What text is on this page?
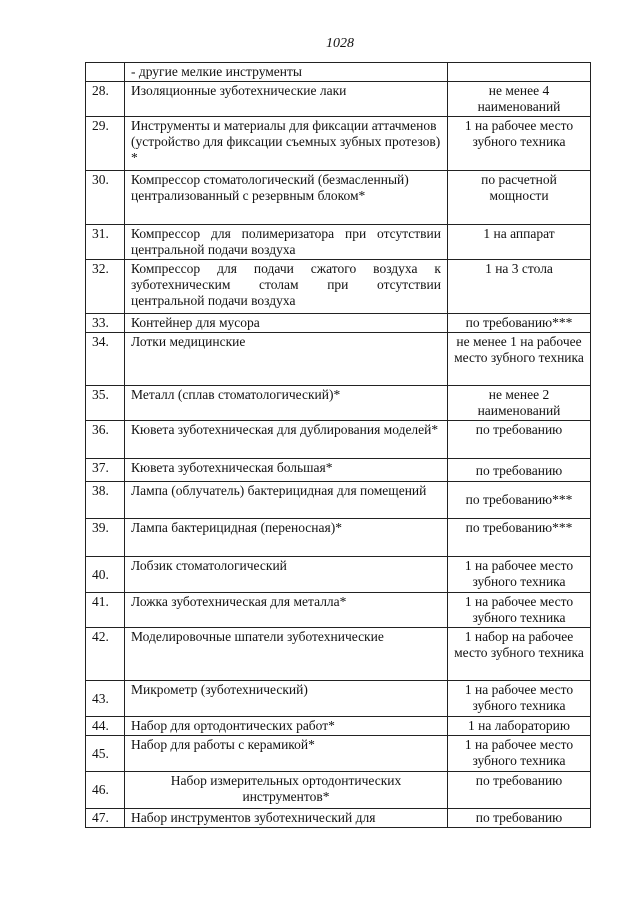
1028
	- другие мелкие инструменты	
28.	Изоляционные зуботехнические лаки	не менее 4 наименований
29.	Инструменты и материалы для фиксации аттачменов (устройство для фиксации съемных зубных протезов) *	1 на рабочее место зубного техника
30.	Компрессор стоматологический (безмасленный) централизованный с резервным блоком*	по расчетной мощности
31.	Компрессор для полимеризатора при отсутствии центральной подачи воздуха	1 на аппарат
32.	Компрессор для подачи сжатого воздуха к зуботехническим столам при отсутствии центральной подачи воздуха	1 на 3 стола
33.	Контейнер для мусора	по требованию***
34.	Лотки медицинские	не менее 1 на рабочее место зубного техника
35.	Металл (сплав стоматологический)*	не менее 2 наименований
36.	Кювета зуботехническая для дублирования моделей*	по требованию
37.	Кювета зуботехническая большая*	по требованию
38.	Лампа (облучатель) бактерицидная для помещений	по требованию***
39.	Лампа бактерицидная (переносная)*	по требованию***
40.	Лобзик стоматологический	1 на рабочее место зубного техника
41.	Ложка зуботехническая для металла*	1 на рабочее место зубного техника
42.	Моделировочные шпатели зуботехнические	1 набор на рабочее место зубного техника
43.	Микрометр (зуботехнический)	1 на рабочее место зубного техника
44.	Набор для ортодонтических работ*	1 на лабораторию
45.	Набор для работы с керамикой*	1 на рабочее место зубного техника
46.	Набор измерительных ортодонтических инструментов*	по требованию
47.	Набор инструментов зуботехнический для	по требованию
